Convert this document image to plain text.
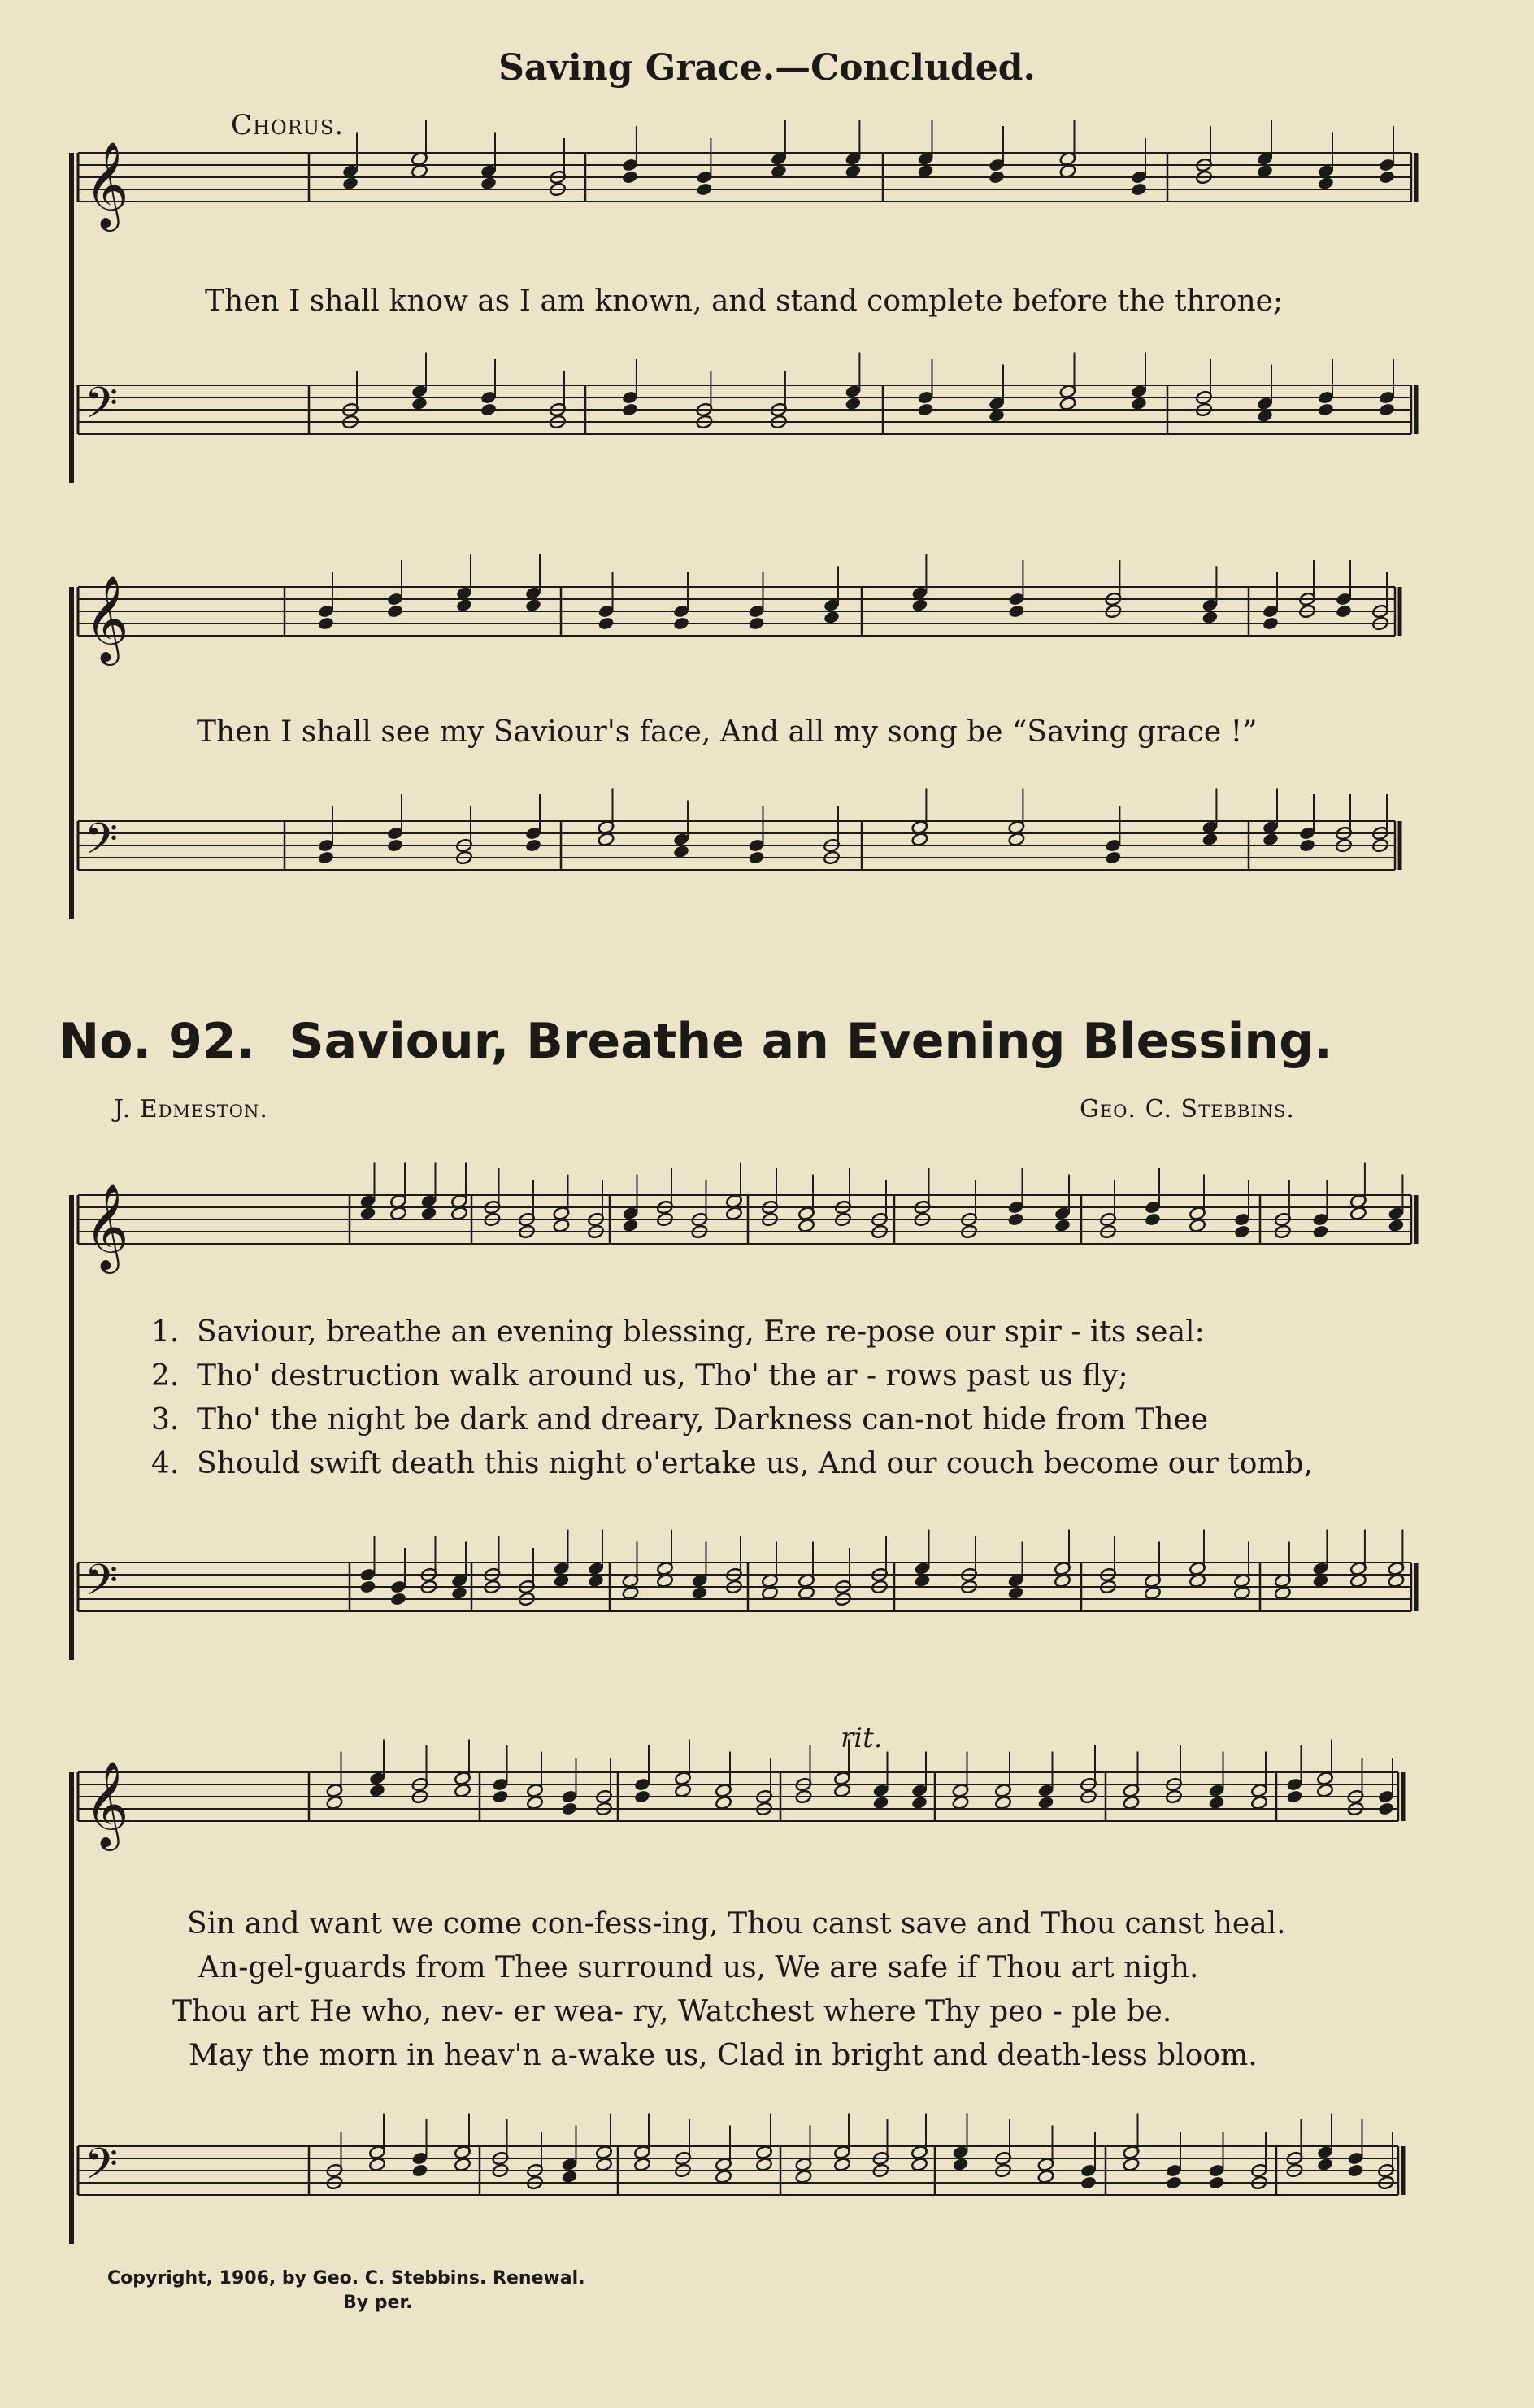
Saving Grace.—Concluded.
Chorus.
𝄞
𝄢
𝄞
𝄢
𝄞
𝄢
𝄞
𝄢
Then I shall know as I am known, and stand complete before the throne;
Then I shall see my Saviour's face, And all my song be “Saving grace !”
No. 92. Saviour, Breathe an Evening Blessing.
J. Edmeston.	Geo. C. Stebbins.
1. Saviour, breathe an evening blessing, Ere re-pose our spir - its seal:
2. Tho' destruction walk around us, Tho' the ar - rows past us fly;
3. Tho' the night be dark and dreary, Darkness can-not hide from Thee
4. Should swift death this night o'ertake us, And our couch become our tomb,
rit.
Sin and want we come con-fess-ing, Thou canst save and Thou canst heal.
An-gel-guards from Thee surround us, We are safe if Thou art nigh.
Thou art He who, nev- er wea- ry, Watchest where Thy peo - ple be.
May the morn in heav'n a-wake us, Clad in bright and death-less bloom.
Copyright, 1906, by Geo. C. Stebbins. Renewal.
By per.
